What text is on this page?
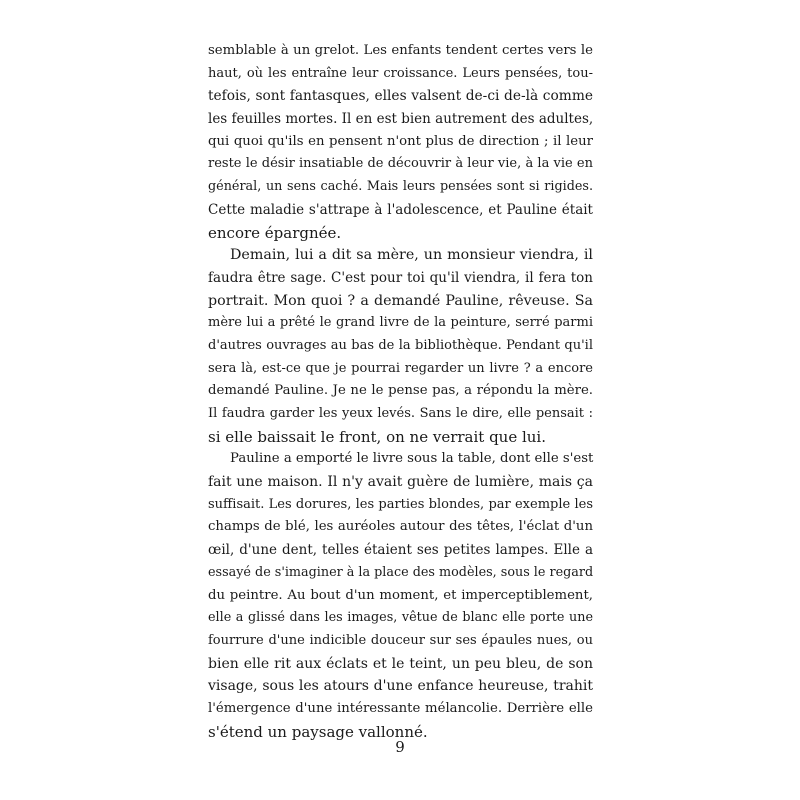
semblable à un grelot. Les enfants tendent certes vers le
haut, où les entraîne leur croissance. Leurs pensées, tou-
tefois, sont fantasques, elles valsent de-ci de-là comme
les feuilles mortes. Il en est bien autrement des adultes,
qui quoi qu'ils en pensent n'ont plus de direction ; il leur
reste le désir insatiable de découvrir à leur vie, à la vie en
général, un sens caché. Mais leurs pensées sont si rigides.
Cette maladie s'attrape à l'adolescence, et Pauline était
encore épargnée.
Demain, lui a dit sa mère, un monsieur viendra, il
faudra être sage. C'est pour toi qu'il viendra, il fera ton
portrait. Mon quoi ? a demandé Pauline, rêveuse. Sa
mère lui a prêté le grand livre de la peinture, serré parmi
d'autres ouvrages au bas de la bibliothèque. Pendant qu'il
sera là, est-ce que je pourrai regarder un livre ? a encore
demandé Pauline. Je ne le pense pas, a répondu la mère.
Il faudra garder les yeux levés. Sans le dire, elle pensait :
si elle baissait le front, on ne verrait que lui.
Pauline a emporté le livre sous la table, dont elle s'est
fait une maison. Il n'y avait guère de lumière, mais ça
suffisait. Les dorures, les parties blondes, par exemple les
champs de blé, les auréoles autour des têtes, l'éclat d'un
œil, d'une dent, telles étaient ses petites lampes. Elle a
essayé de s'imaginer à la place des modèles, sous le regard
du peintre. Au bout d'un moment, et imperceptiblement,
elle a glissé dans les images, vêtue de blanc elle porte une
fourrure d'une indicible douceur sur ses épaules nues, ou
bien elle rit aux éclats et le teint, un peu bleu, de son
visage, sous les atours d'une enfance heureuse, trahit
l'émergence d'une intéressante mélancolie. Derrière elle
s'étend un paysage vallonné.
9
